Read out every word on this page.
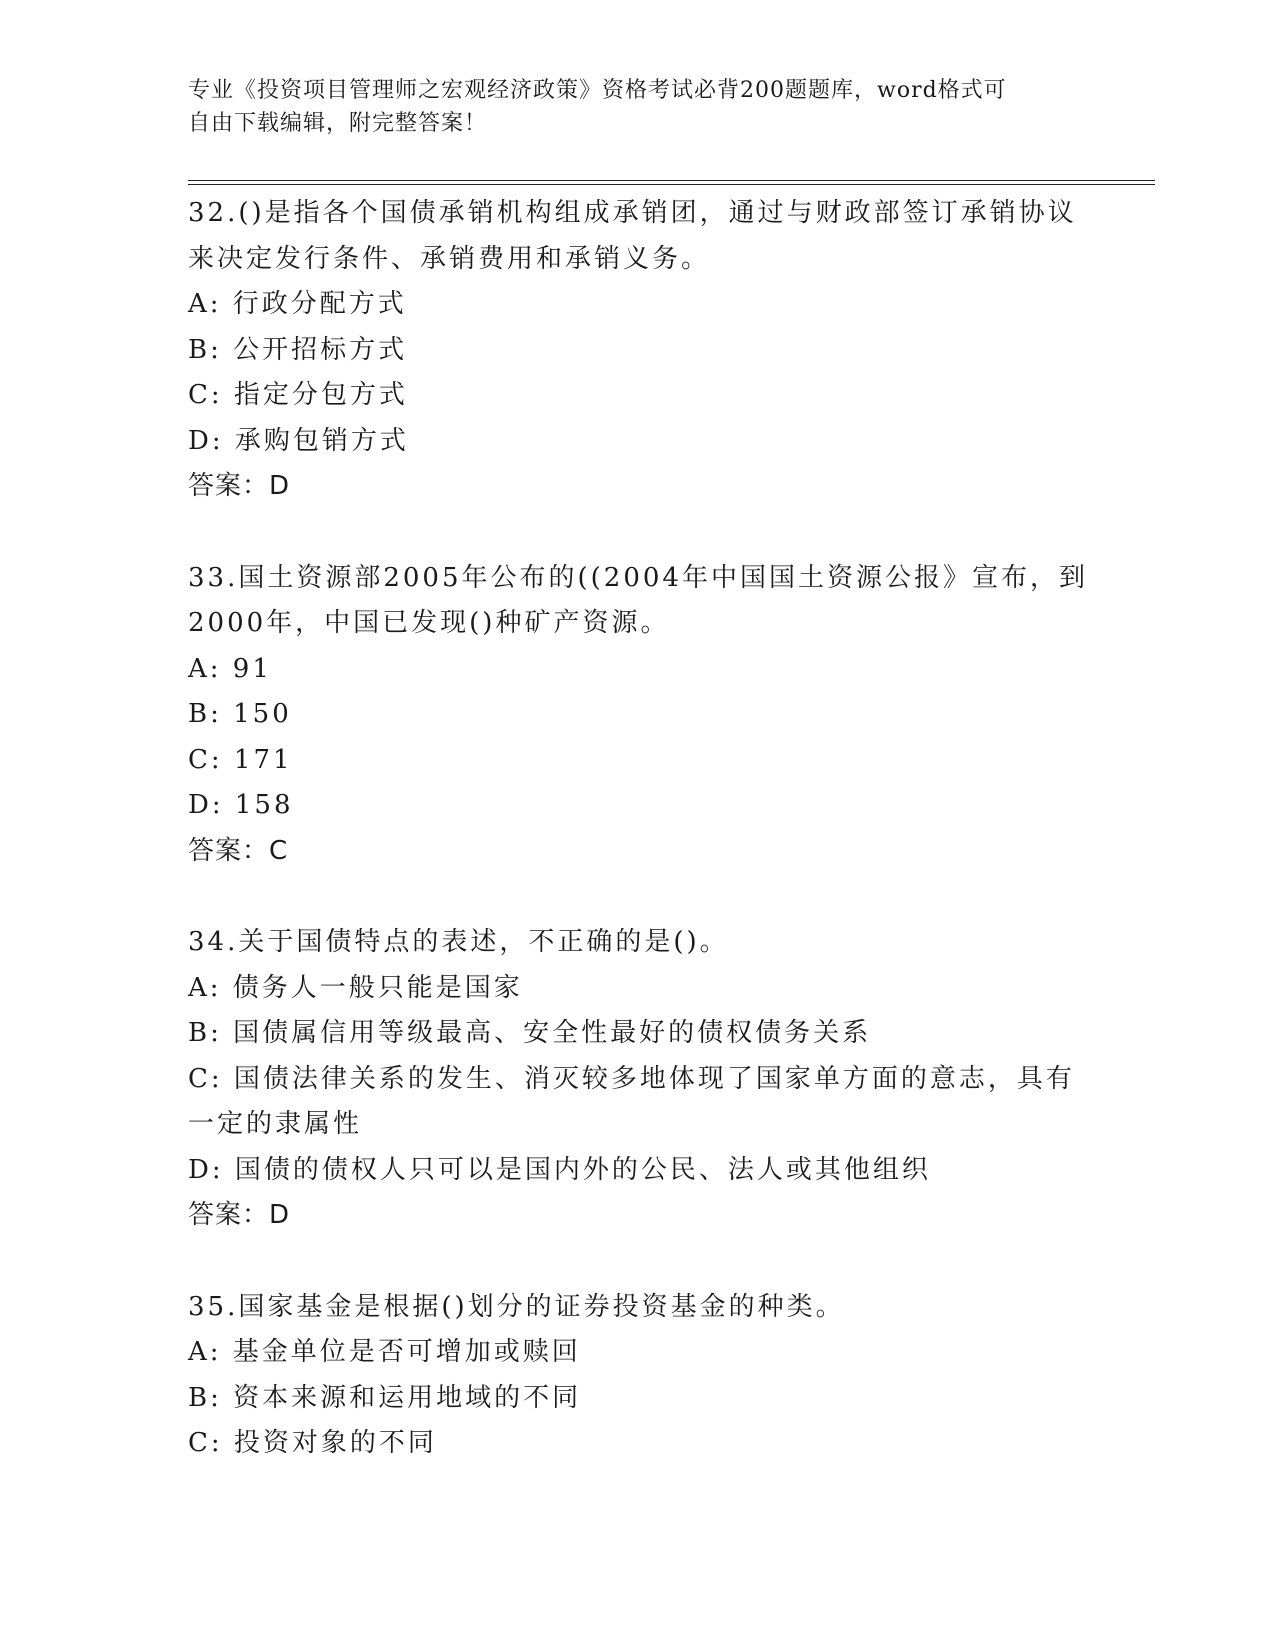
专业《投资项目管理师之宏观经济政策》资格考试必背200题题库，word格式可
自由下载编辑，附完整答案！
32.()是指各个国债承销机构组成承销团，通过与财政部签订承销协议
来决定发行条件、承销费用和承销义务。
A: 行政分配方式
B: 公开招标方式
C: 指定分包方式
D: 承购包销方式
答案：D
33.国土资源部2005年公布的((2004年中国国土资源公报》宣布，到
2000年，中国已发现()种矿产资源。
A: 91
B: 150
C: 171
D: 158
答案：C
34.关于国债特点的表述，不正确的是()。
A: 债务人一般只能是国家
B: 国债属信用等级最高、安全性最好的债权债务关系
C: 国债法律关系的发生、消灭较多地体现了国家单方面的意志，具有
一定的隶属性
D: 国债的债权人只可以是国内外的公民、法人或其他组织
答案：D
35.国家基金是根据()划分的证券投资基金的种类。
A: 基金单位是否可增加或赎回
B: 资本来源和运用地域的不同
C: 投资对象的不同
